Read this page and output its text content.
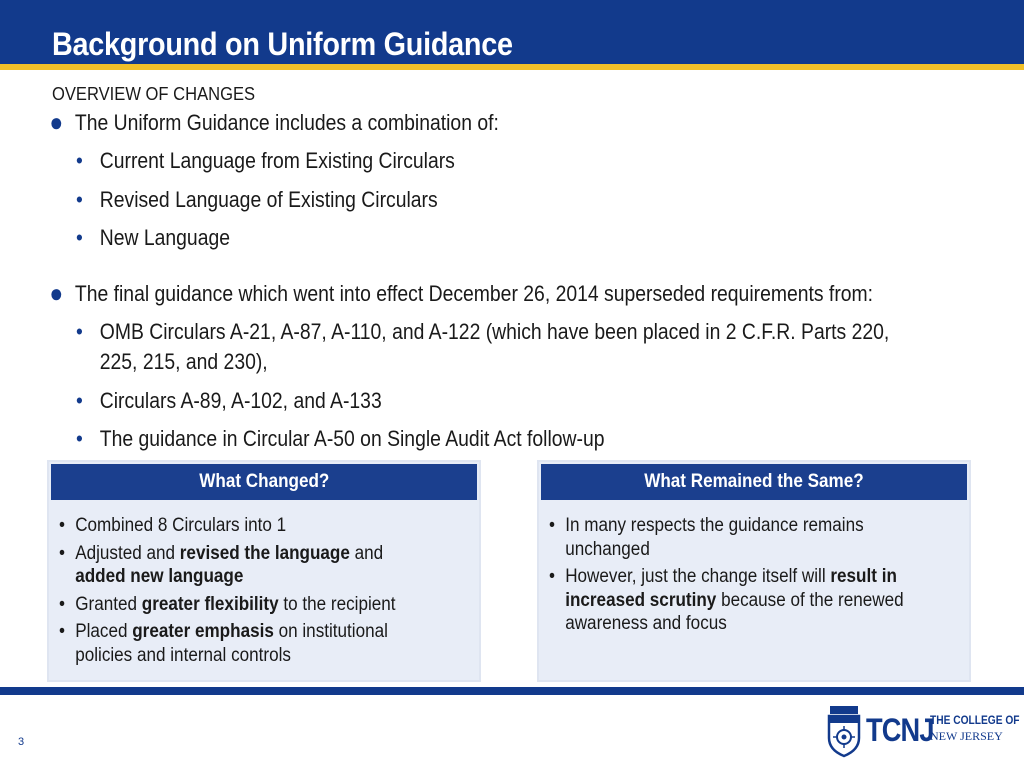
Background on Uniform Guidance
OVERVIEW OF CHANGES
● The Uniform Guidance includes a combination of:
• Current Language from Existing Circulars
• Revised Language of Existing Circulars
• New Language
● The final guidance which went into effect December 26, 2014 superseded requirements from:
• OMB Circulars A-21, A-87, A-110, and A-122 (which have been placed in 2 C.F.R. Parts 220,
225, 215, and 230),
• Circulars A-89, A-102, and A-133
• The guidance in Circular A-50 on Single Audit Act follow-up
What Changed?
• Combined 8 Circulars into 1
• Adjusted and revised the language and
added new language
• Granted greater flexibility to the recipient
• Placed greater emphasis on institutional policies and internal controls
What Remained the Same?
• In many respects the guidance remains unchanged
• However, just the change itself will result in increased scrutiny because of the renewed awareness and focus
3	TCNJ
THE COLLEGE OF
NEW JERSEY
